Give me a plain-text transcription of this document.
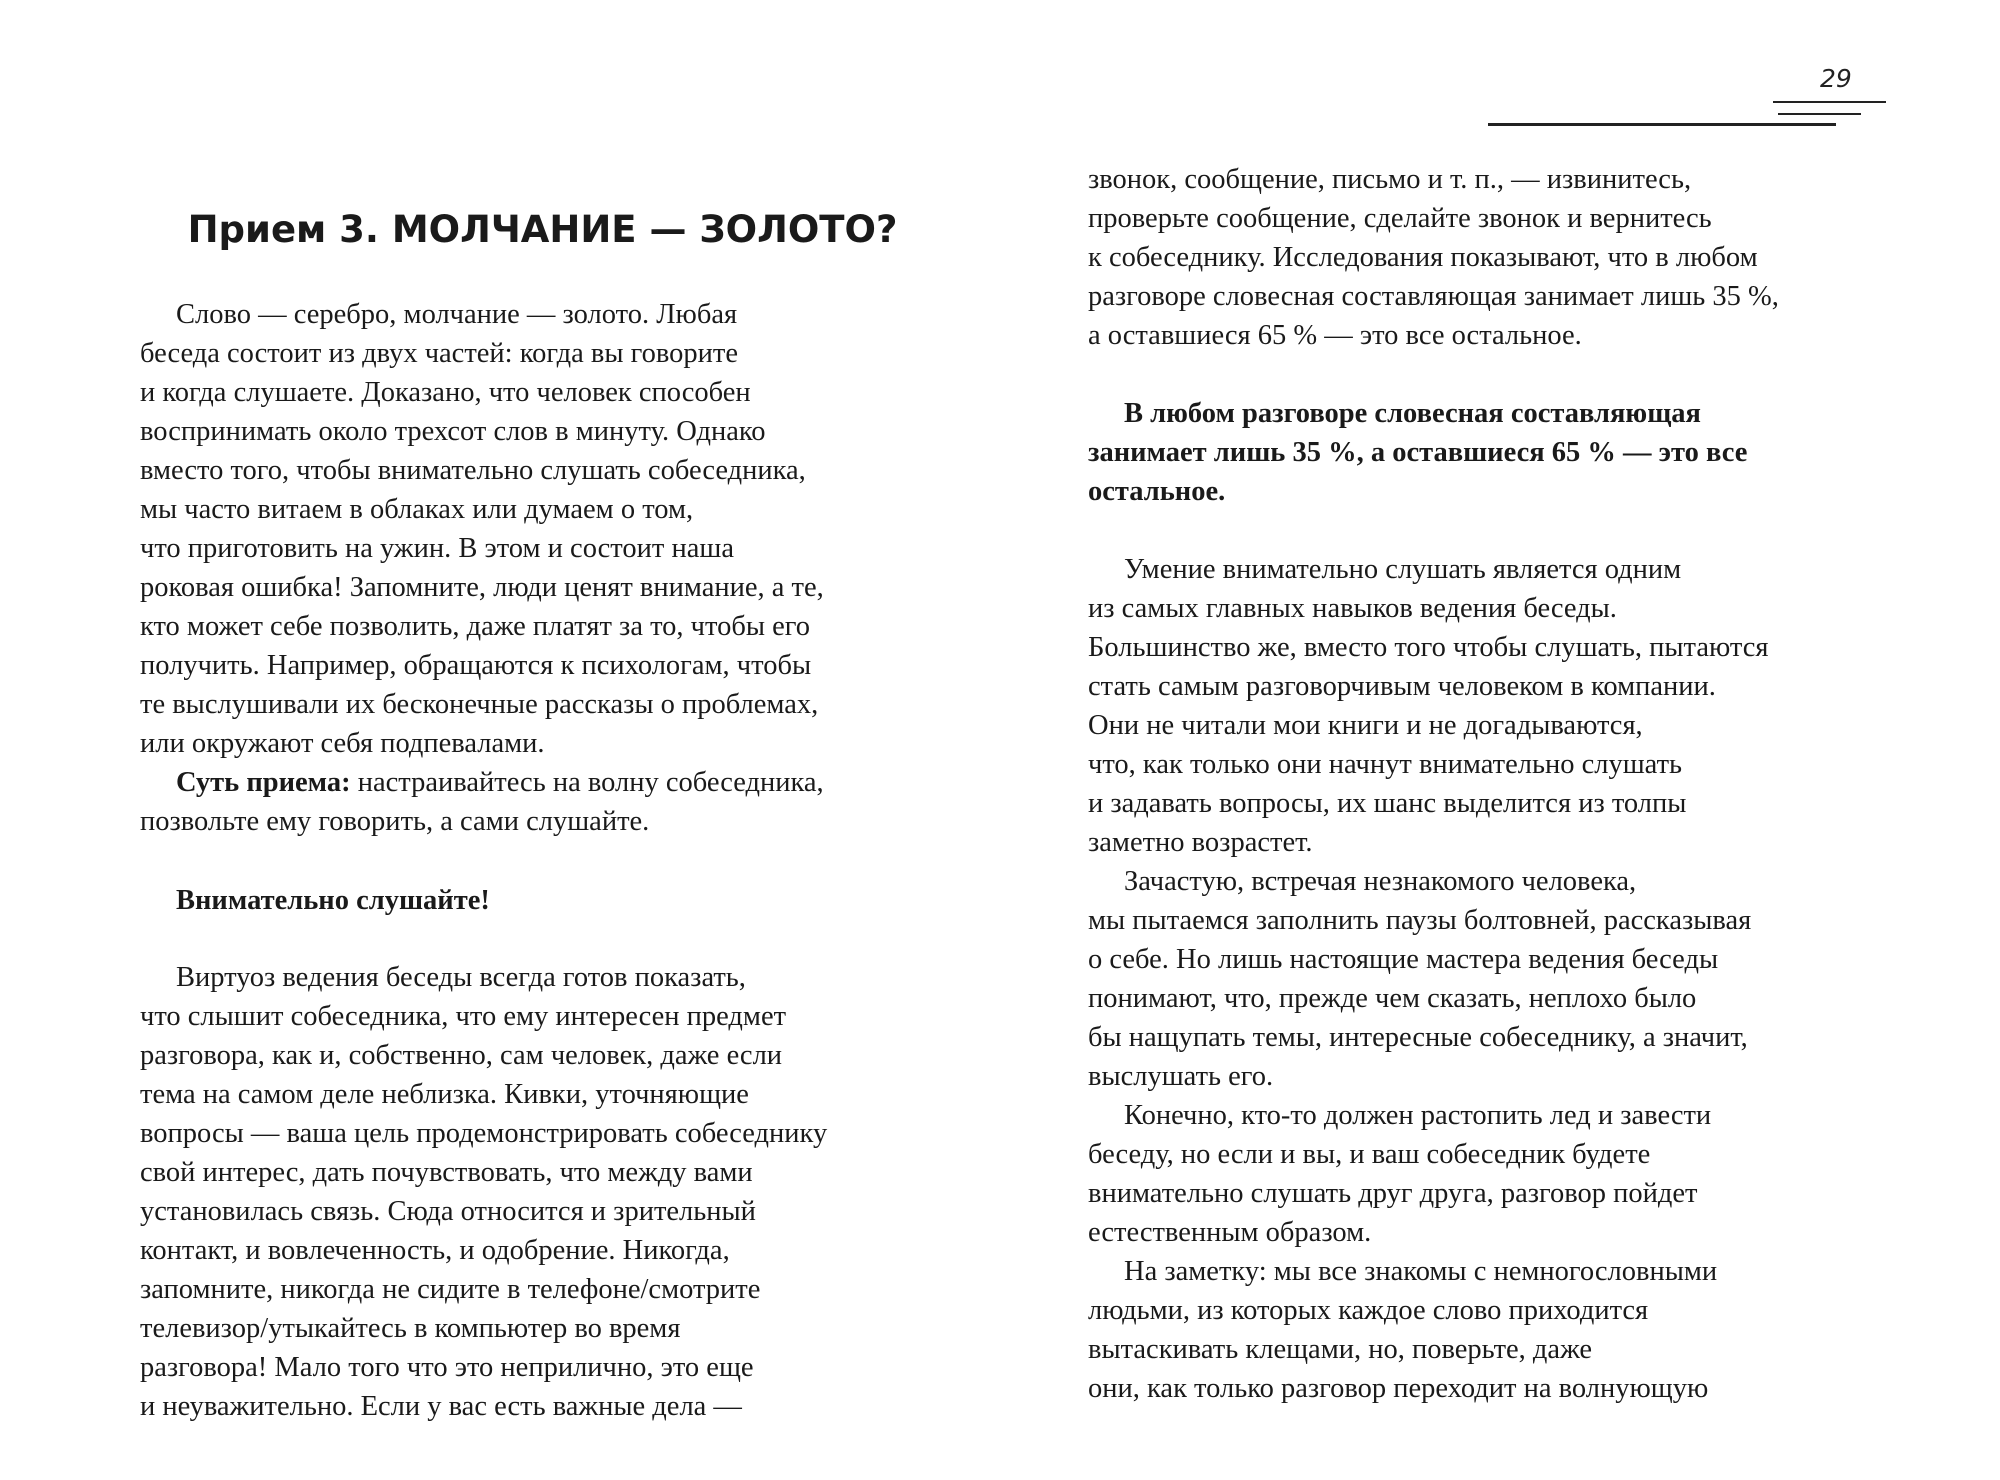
29
Прием 3. МОЛЧАНИЕ — ЗОЛОТО?

Слово — серебро, молчание — золото. Любая
беседа состоит из двух частей: когда вы говорите
и когда слушаете. Доказано, что человек способен
воспринимать около трехсот слов в минуту. Однако
вместо того, чтобы внимательно слушать собеседника,
мы часто витаем в облаках или думаем о том,
что приготовить на ужин. В этом и состоит наша
роковая ошибка! Запомните, люди ценят внимание, а те,
кто может себе позволить, даже платят за то, чтобы его
получить. Например, обращаются к психологам, чтобы
те выслушивали их бесконечные рассказы о проблемах,
или окружают себя подпевалами.

Суть приема: настраивайтесь на волну собеседника,
позвольте ему говорить, а сами слушайте.

Внимательно слушайте!

Виртуоз ведения беседы всегда готов показать,
что слышит собеседника, что ему интересен предмет
разговора, как и, собственно, сам человек, даже если
тема на самом деле неблизка. Кивки, уточняющие
вопросы — ваша цель продемонстрировать собеседнику
свой интерес, дать почувствовать, что между вами
установилась связь. Сюда относится и зрительный
контакт, и вовлеченность, и одобрение. Никогда,
запомните, никогда не сидите в телефоне/смотрите
телевизор/утыкайтесь в компьютер во время
разговора! Мало того что это неприлично, это еще
и неуважительно. Если у вас есть важные дела —

звонок, сообщение, письмо и т. п., — извинитесь,
проверьте сообщение, сделайте звонок и вернитесь
к собеседнику. Исследования показывают, что в любом
разговоре словесная составляющая занимает лишь 35 %,
а оставшиеся 65 % — это все остальное.

В любом разговоре словесная составляющая
занимает лишь 35 %, а оставшиеся 65 % — это все
остальное.

Умение внимательно слушать является одним
из самых главных навыков ведения беседы.
Большинство же, вместо того чтобы слушать, пытаются
стать самым разговорчивым человеком в компании.
Они не читали мои книги и не догадываются,
что, как только они начнут внимательно слушать
и задавать вопросы, их шанс выделится из толпы
заметно возрастет.

Зачастую, встречая незнакомого человека,
мы пытаемся заполнить паузы болтовней, рассказывая
о себе. Но лишь настоящие мастера ведения беседы
понимают, что, прежде чем сказать, неплохо было
бы нащупать темы, интересные собеседнику, а значит,
выслушать его.

Конечно, кто-то должен растопить лед и завести
беседу, но если и вы, и ваш собеседник будете
внимательно слушать друг друга, разговор пойдет
естественным образом.

На заметку: мы все знакомы с немногословными
людьми, из которых каждое слово приходится
вытаскивать клещами, но, поверьте, даже
они, как только разговор переходит на волнующую
